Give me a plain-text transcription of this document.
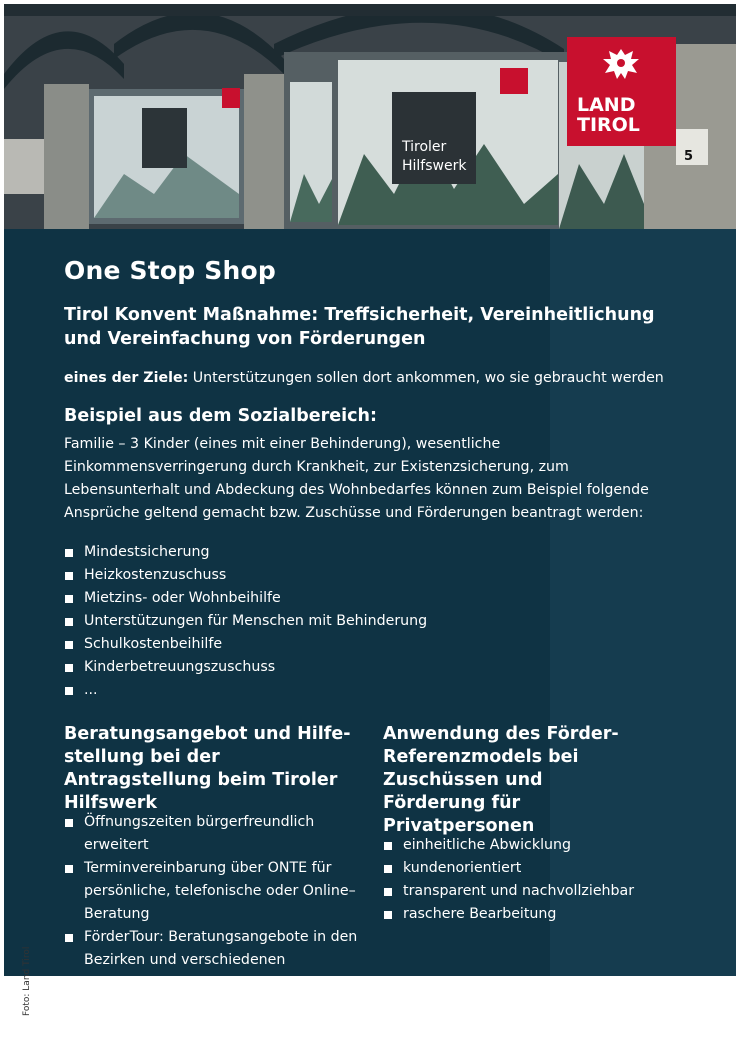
Tiroler
Hilfswerk
5
LAND
TIROL
One Stop Shop

Tirol Konvent Maßnahme: Treffsicherheit, Vereinheitlichung und Vereinfachung von Förderungen

eines der Ziele: Unterstützungen sollen dort ankommen, wo sie gebraucht werden
Beispiel aus dem Sozialbereich:

Familie – 3 Kinder (eines mit einer Behinderung), wesentliche Einkommensverringerung durch Krankheit, zur Existenzsicherung, zum Lebensunterhalt und Abdeckung des Wohnbedarfes können zum Beispiel folgende Ansprüche geltend gemacht bzw. Zuschüsse und Förderungen beantragt werden:

Mindestsicherung
Heizkostenzuschuss
Mietzins- oder Wohnbeihilfe
Unterstützungen für Menschen mit Behinderung
Schulkostenbeihilfe
Kinderbetreuungszuschuss
...
Beratungsangebot und Hilfestellung bei der Antragstellung beim Tiroler Hilfswerk
Öffnungszeiten bürgerfreundlich erweitert
Terminvereinbarung über ONTE für persönliche, telefonische oder Online–Beratung
FörderTour: Beratungsangebote in den Bezirken und verschiedenen
Anwendung des Förder-Referenzmodels bei Zuschüssen und Förderung für Privatpersonen
einheitliche Abwicklung
kundenorientiert
transparent und nachvollziehbar
raschere Bearbeitung
Foto: Land Tirol
